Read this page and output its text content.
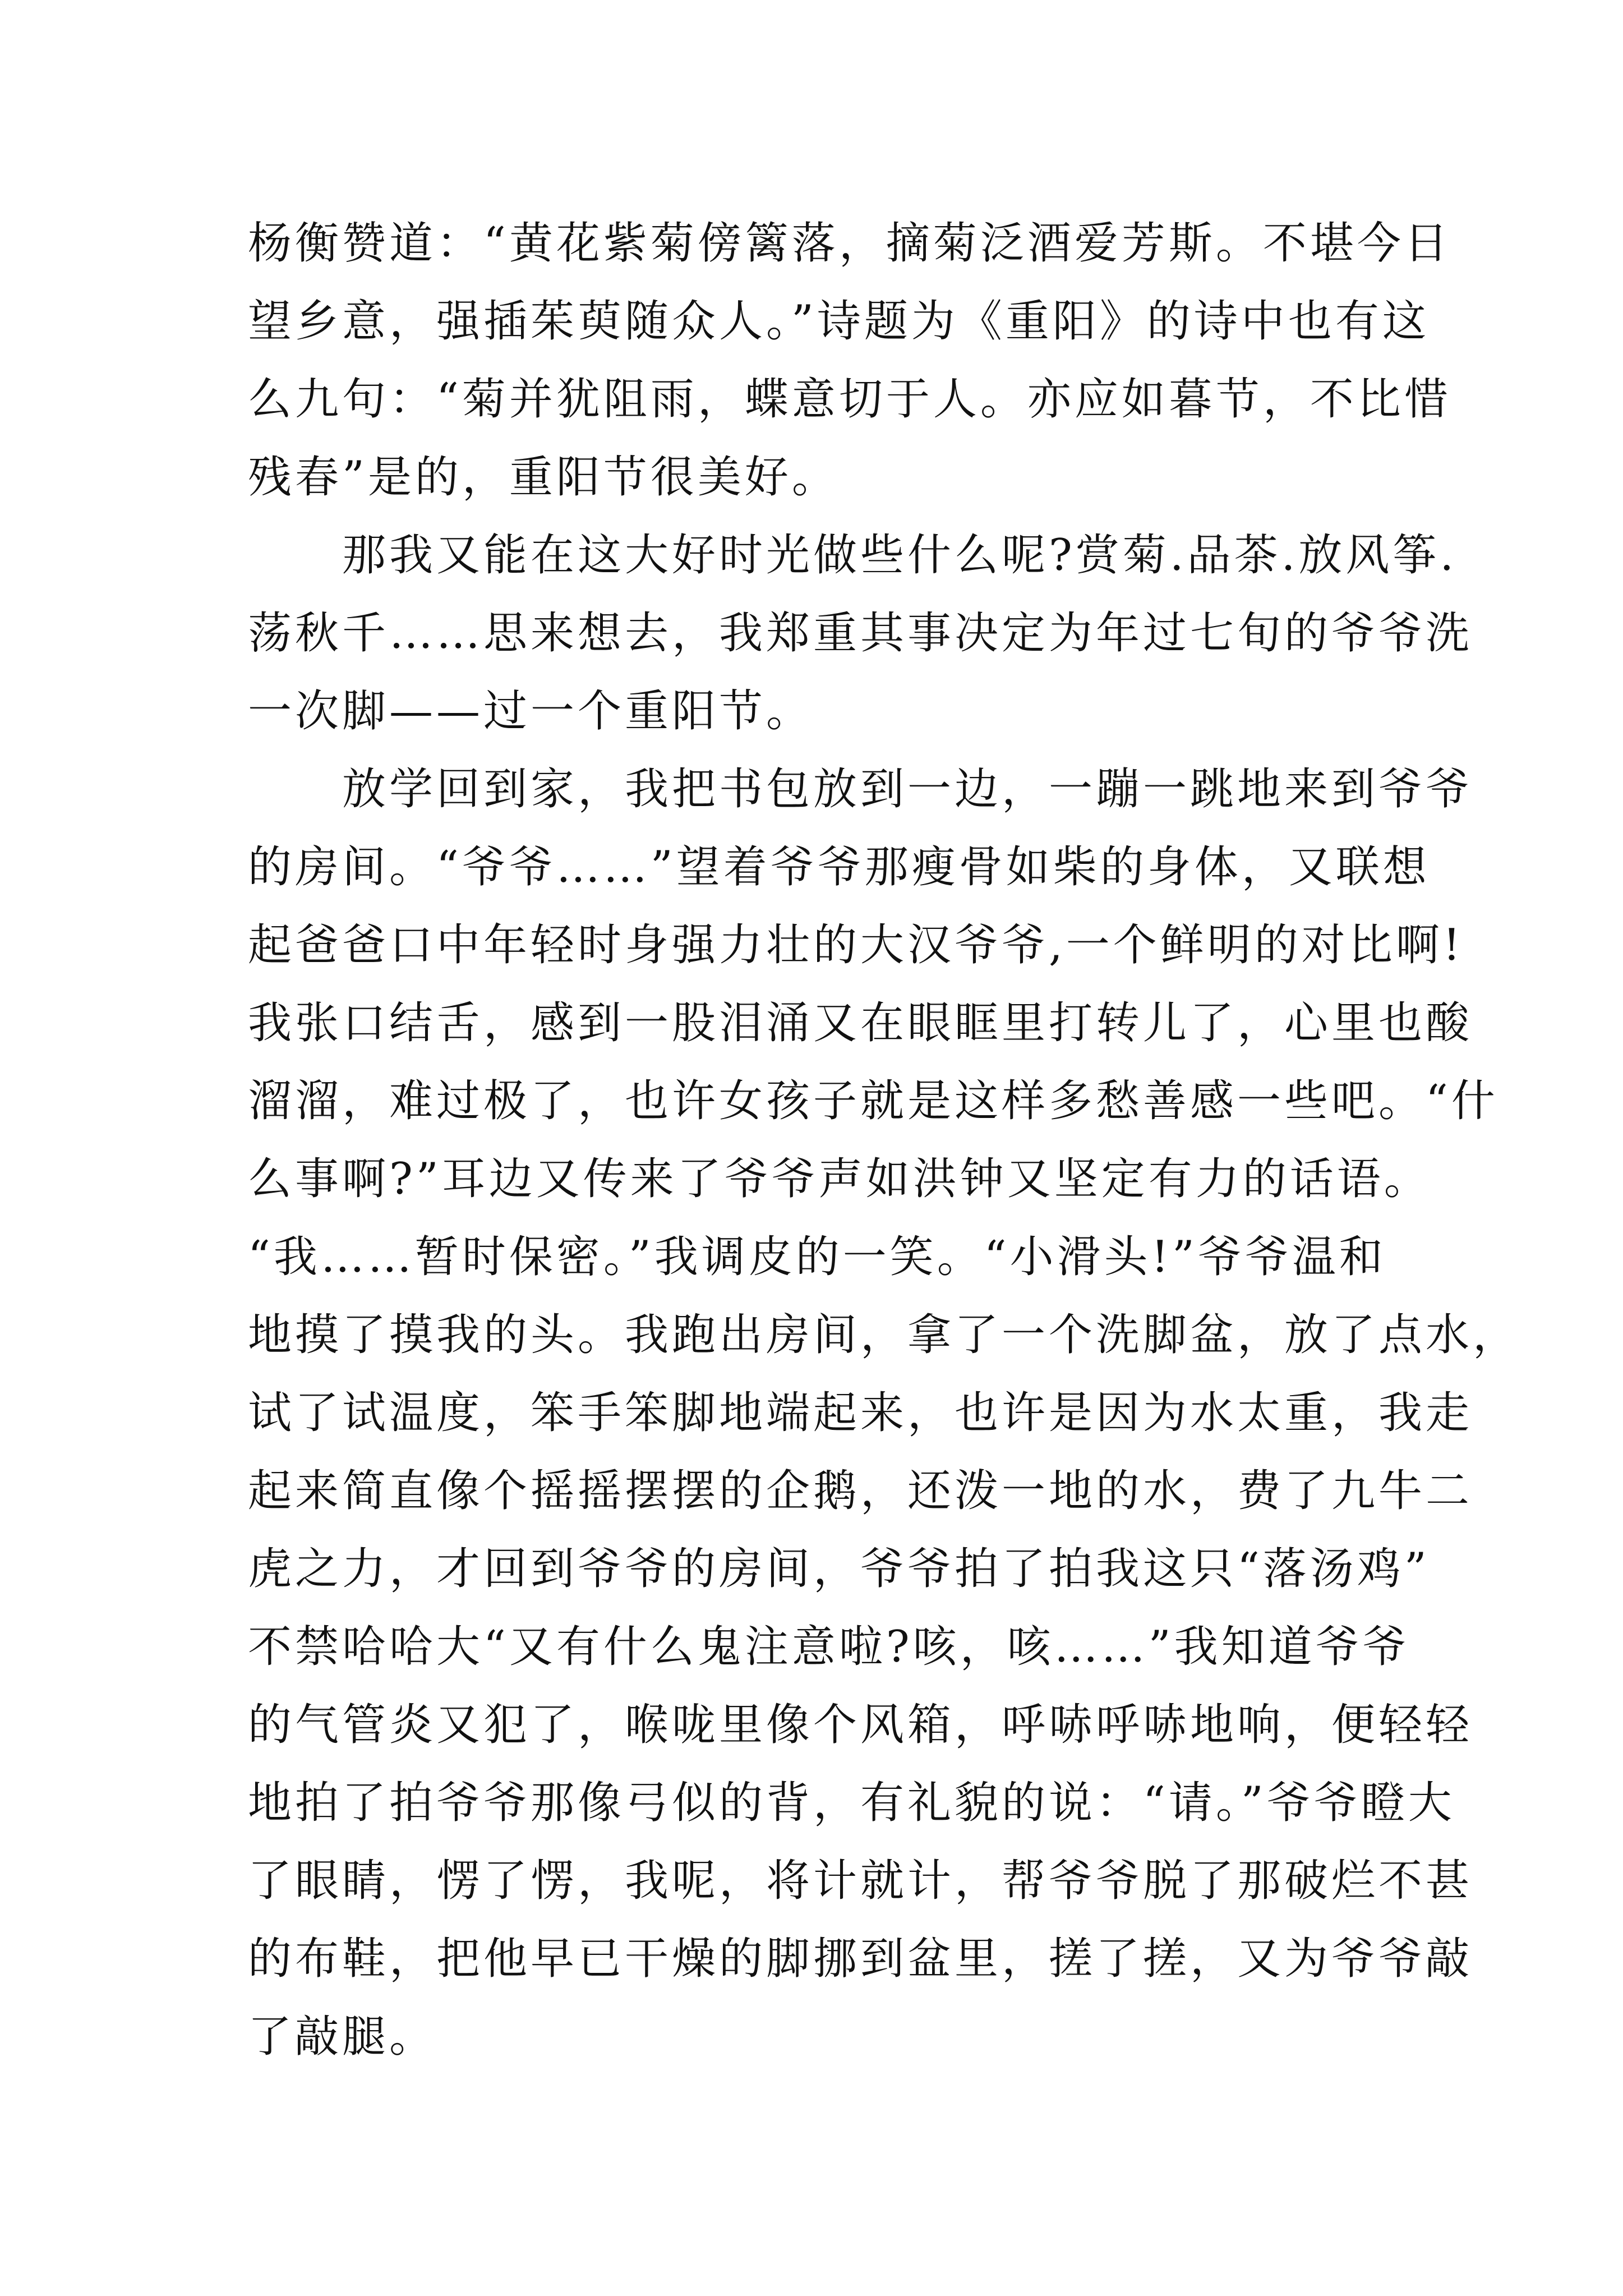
杨衡赞道：“黄花紫菊傍篱落，摘菊泛酒爱芳斯。不堪今日
望乡意，强插茱萸随众人。”诗题为《重阳》的诗中也有这
么九句：“菊并犹阻雨，蝶意切于人。亦应如暮节，不比惜
残春”是的，重阳节很美好。
　　那我又能在这大好时光做些什么呢?赏菊.品茶.放风筝.
荡秋千……思来想去，我郑重其事决定为年过七旬的爷爷洗
一次脚——过一个重阳节。
　　放学回到家，我把书包放到一边，一蹦一跳地来到爷爷
的房间。“爷爷……”望着爷爷那瘦骨如柴的身体，又联想
起爸爸口中年轻时身强力壮的大汉爷爷,一个鲜明的对比啊!
我张口结舌，感到一股泪涌又在眼眶里打转儿了，心里也酸
溜溜，难过极了，也许女孩子就是这样多愁善感一些吧。“什
么事啊?”耳边又传来了爷爷声如洪钟又坚定有力的话语。
“我……暂时保密。”我调皮的一笑。“小滑头!”爷爷温和
地摸了摸我的头。我跑出房间，拿了一个洗脚盆，放了点水，
试了试温度，笨手笨脚地端起来，也许是因为水太重，我走
起来简直像个摇摇摆摆的企鹅，还泼一地的水，费了九牛二
虎之力，才回到爷爷的房间，爷爷拍了拍我这只“落汤鸡”
不禁哈哈大“又有什么鬼注意啦?咳，咳……”我知道爷爷
的气管炎又犯了，喉咙里像个风箱，呼哧呼哧地响，便轻轻
地拍了拍爷爷那像弓似的背，有礼貌的说：“请。”爷爷瞪大
了眼睛，愣了愣，我呢，将计就计，帮爷爷脱了那破烂不甚
的布鞋，把他早已干燥的脚挪到盆里，搓了搓，又为爷爷敲
了敲腿。
